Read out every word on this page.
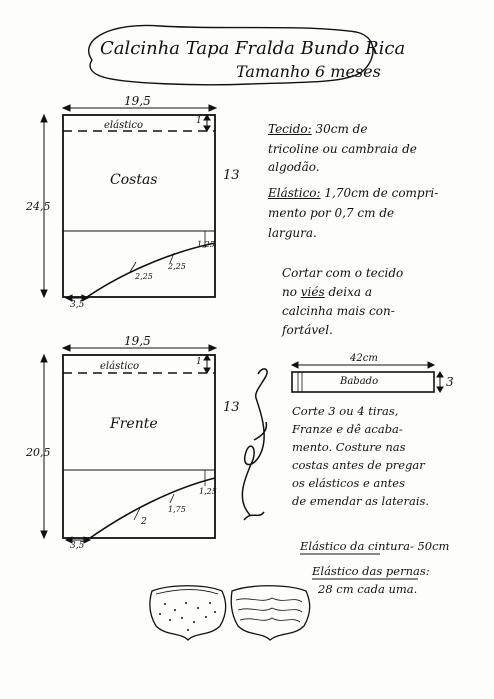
Calcinha Tapa Fralda Bundo Rica
Tamanho 6 meses
19,5
elástico	1
Costas
24,5
13
1,25
2,25
2,25
3,5
19,5
elástico	1
Frente
20,5
13
1,25
1,75
2
3,5
Tecido: 30cm de
tricoline ou cambraia de
algodão.
Elástico: 1,70cm de compri-
mento por 0,7 cm de
largura.
Cortar com o tecido
no viés deixa a
calcinha mais con-
fortável.
42cm
Babado	3
Corte 3 ou 4 tiras,
Franze e dê acaba-
mento. Costure nas
costas antes de pregar
os elásticos e antes
de emendar as laterais.
Elástico da cintura- 50cm
Elástico das pernas:
28 cm cada uma.
